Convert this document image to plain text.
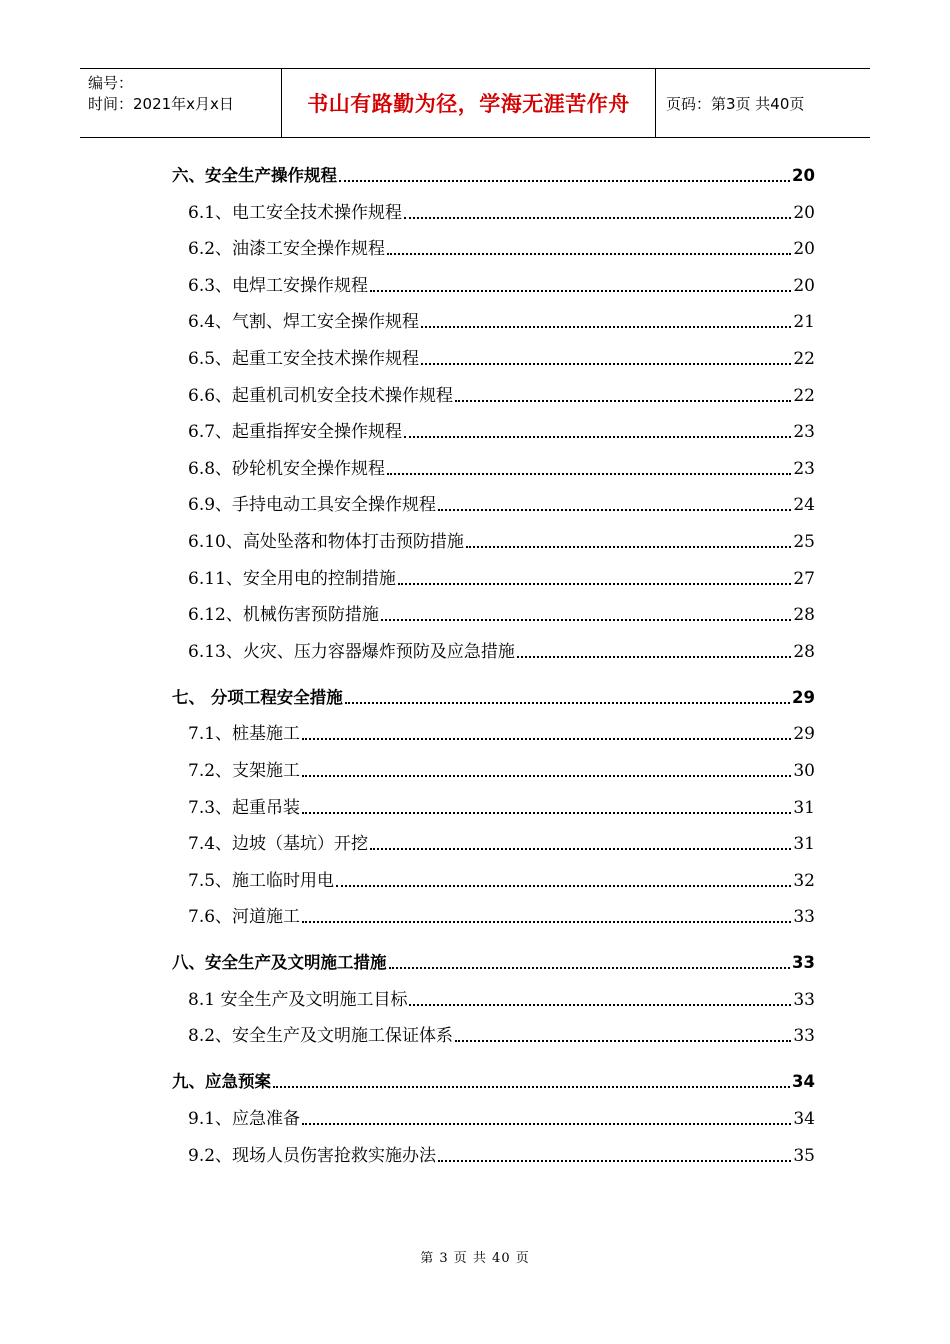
编号：
时间：2021年x月x日	书山有路勤为径，学海无涯苦作舟	页码：第3页 共40页
六、安全生产操作规程	20
6.1、电工安全技术操作规程	20
6.2、油漆工安全操作规程	20
6.3、电焊工安操作规程	20
6.4、气割、焊工安全操作规程	21
6.5、起重工安全技术操作规程	22
6.6、起重机司机安全技术操作规程	22
6.7、起重指挥安全操作规程	23
6.8、砂轮机安全操作规程	23
6.9、手持电动工具安全操作规程	24
6.10、高处坠落和物体打击预防措施	25
6.11、安全用电的控制措施	27
6.12、机械伤害预防措施	28
6.13、火灾、压力容器爆炸预防及应急措施	28
七、 分项工程安全措施	29
7.1、桩基施工	29
7.2、支架施工	30
7.3、起重吊装	31
7.4、边坡（基坑）开挖	31
7.5、施工临时用电	32
7.6、河道施工	33
八、安全生产及文明施工措施	33
8.1 安全生产及文明施工目标	33
8.2、安全生产及文明施工保证体系	33
九、应急预案	34
9.1、应急准备	34
9.2、现场人员伤害抢救实施办法	35
第 3 页 共 40 页
